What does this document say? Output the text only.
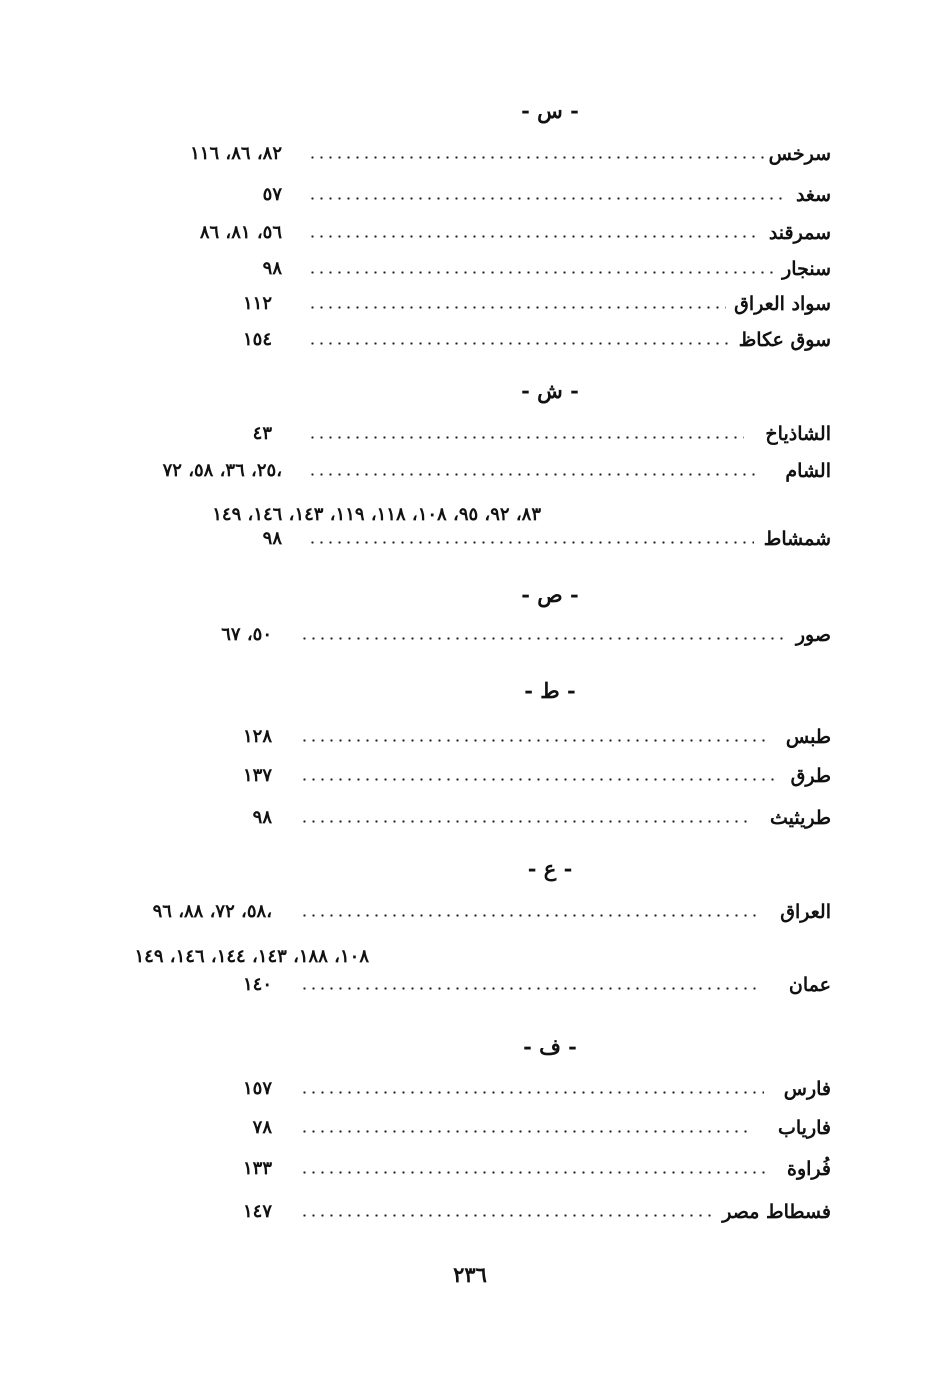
- س -
سرخس
٨٢، ٨٦، ١١٦
سغد
٥٧
سمرقند
٥٦، ٨١، ٨٦
سنجار
٩٨
سواد العراق
١١٢
سوق عكاظ
١٥٤
- ش -
الشاذياخ
٤٣
الشام
٢٥، ٣٦، ٥٨، ٧٢،
٨٣، ٩٢، ٩٥، ١٠٨، ١١٨، ١١٩، ١٤٣، ١٤٦، ١٤٩
شمشاط
٩٨
- ص -
صور
٥٠، ٦٧
- ط -
طبس
١٢٨
طرق
١٣٧
طريثيث
٩٨
- ع -
العراق
٥٨، ٧٢، ٨٨، ٩٦،
١٠٨، ١٨٨، ١٤٣، ١٤٤، ١٤٦، ١٤٩
عمان
١٤٠
- ف -
فارس
١٥٧
فارياب
٧٨
فُراوة
١٣٣
فسطاط مصر
١٤٧
٢٣٦
